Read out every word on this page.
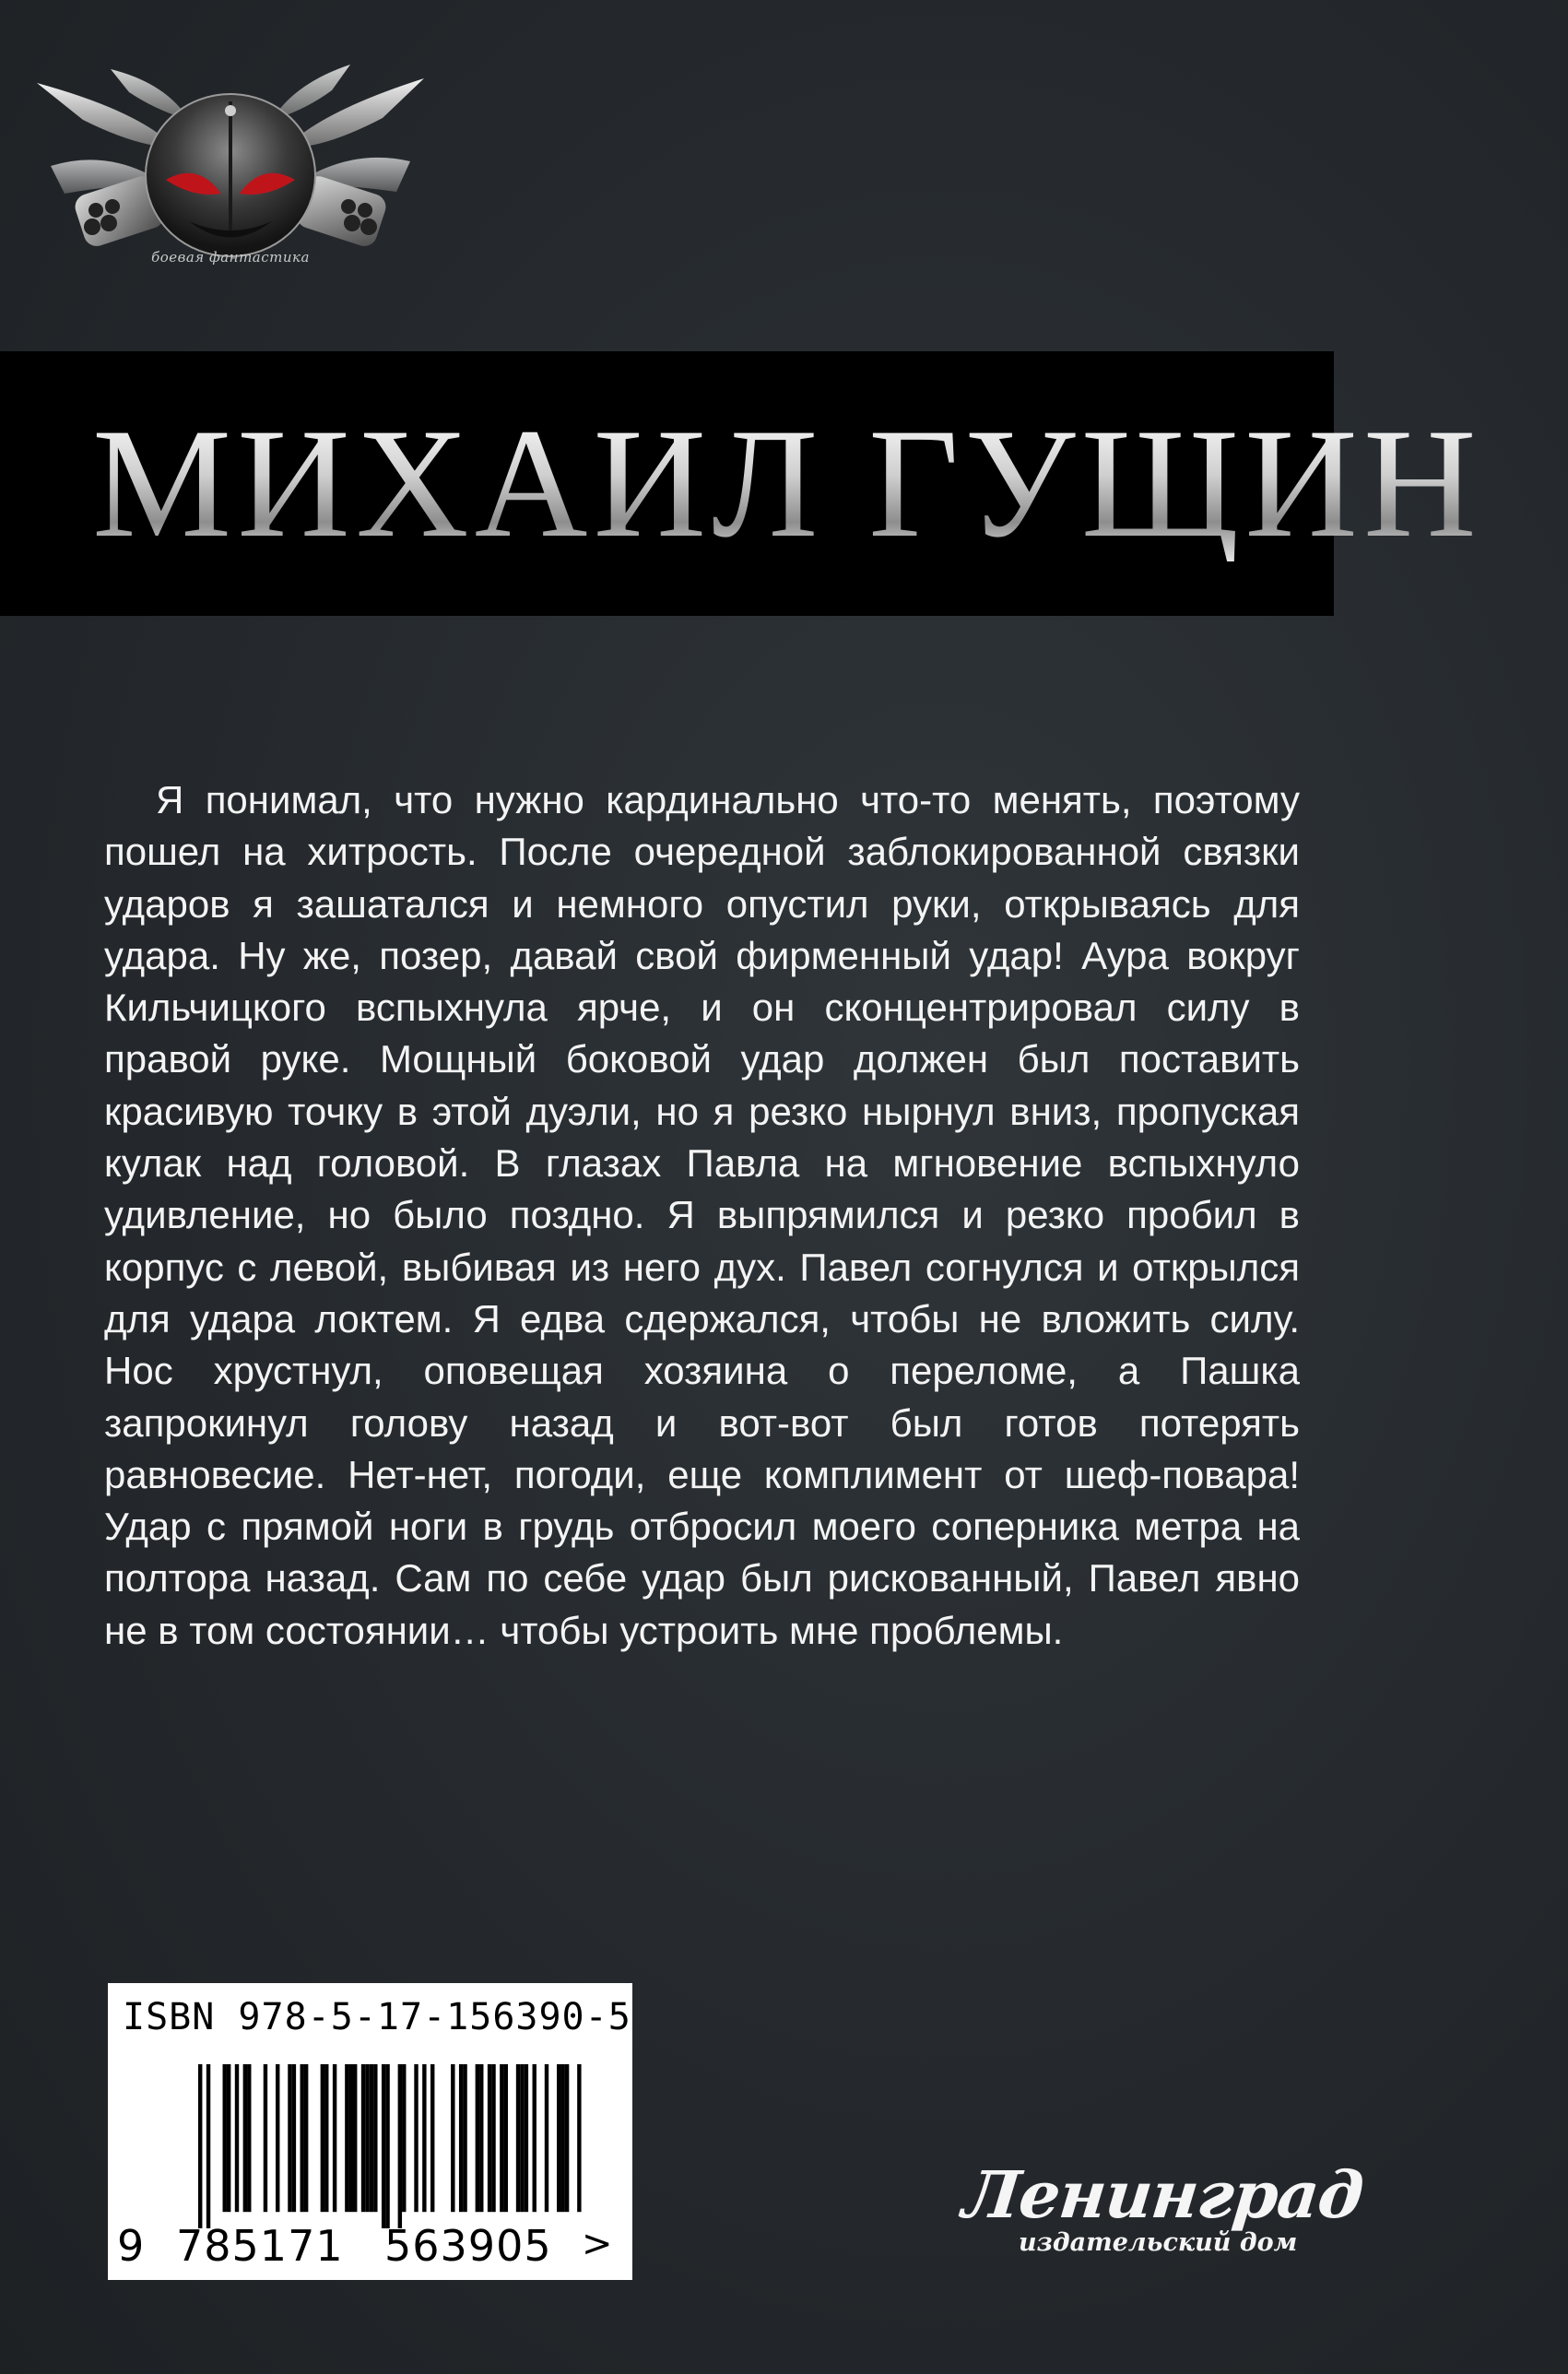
боевая фантастика
МИХАИЛ ГУЩИН

Я понимал, что нужно кардинально что-то менять, поэтому пошел на хитрость. После очередной заблокированной связки ударов я зашатался и немного опустил руки, открываясь для удара. Ну же, позер, давай свой фирменный удар! Аура вокруг Кильчицкого вспыхнула ярче, и он сконцентрировал силу в правой руке. Мощный боковой удар должен был поставить красивую точку в этой дуэли, но я резко нырнул вниз, пропуская кулак над головой. В глазах Павла на мгновение вспыхнуло удивление, но было поздно. Я выпрямился и резко пробил в корпус с левой, выбивая из него дух. Павел согнулся и открылся для удара локтем. Я едва сдержался, чтобы не вложить силу. Нос хрустнул, оповещая хозяина о переломе, а Пашка запрокинул голову назад и вот-вот был готов потерять равновесие. Нет-нет, погоди, еще комплимент от шеф-повара! Удар с прямой ноги в грудь отбросил моего соперника метра на полтора назад. Сам по себе удар был рискованный, Павел явно не в том состоянии… чтобы устроить мне проблемы.

ISBN 978-5-17-156390-5
9 785171 563905 >
Ленинград
издательский дом
